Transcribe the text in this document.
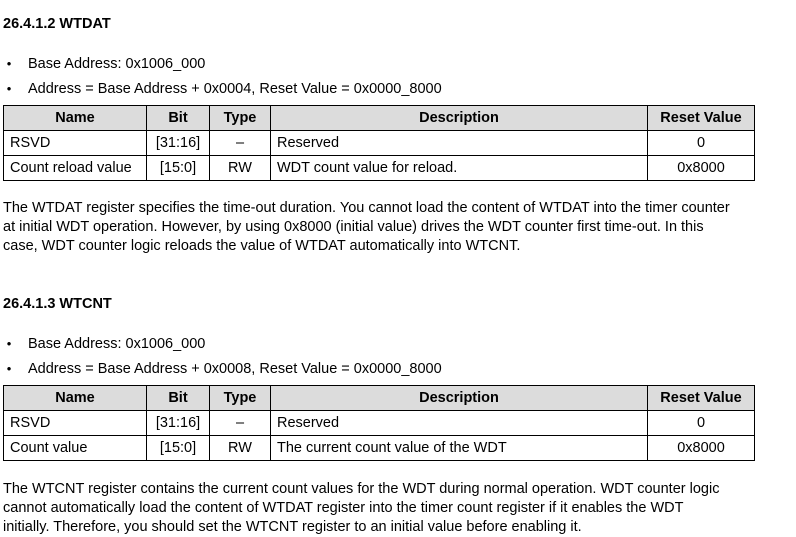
26.4.1.2 WTDAT
• Base Address: 0x1006_000
• Address = Base Address + 0x0004, Reset Value = 0x0000_8000
Name	Bit	Type	Description	Reset Value
RSVD	[31:16]	–	Reserved	0
Count reload value	[15:0]	RW	WDT count value for reload.	0x8000

The WTDAT register specifies the time-out duration. You cannot load the content of WTDAT into the timer counter

at initial WDT operation. However, by using 0x8000 (initial value) drives the WDT counter first time-out. In this

case, WDT counter logic reloads the value of WTDAT automatically into WTCNT.

26.4.1.3 WTCNT
• Base Address: 0x1006_000
• Address = Base Address + 0x0008, Reset Value = 0x0000_8000
Name	Bit	Type	Description	Reset Value
RSVD	[31:16]	–	Reserved	0
Count value	[15:0]	RW	The current count value of the WDT	0x8000

The WTCNT register contains the current count values for the WDT during normal operation. WDT counter logic

cannot automatically load the content of WTDAT register into the timer count register if it enables the WDT

initially. Therefore, you should set the WTCNT register to an initial value before enabling it.
